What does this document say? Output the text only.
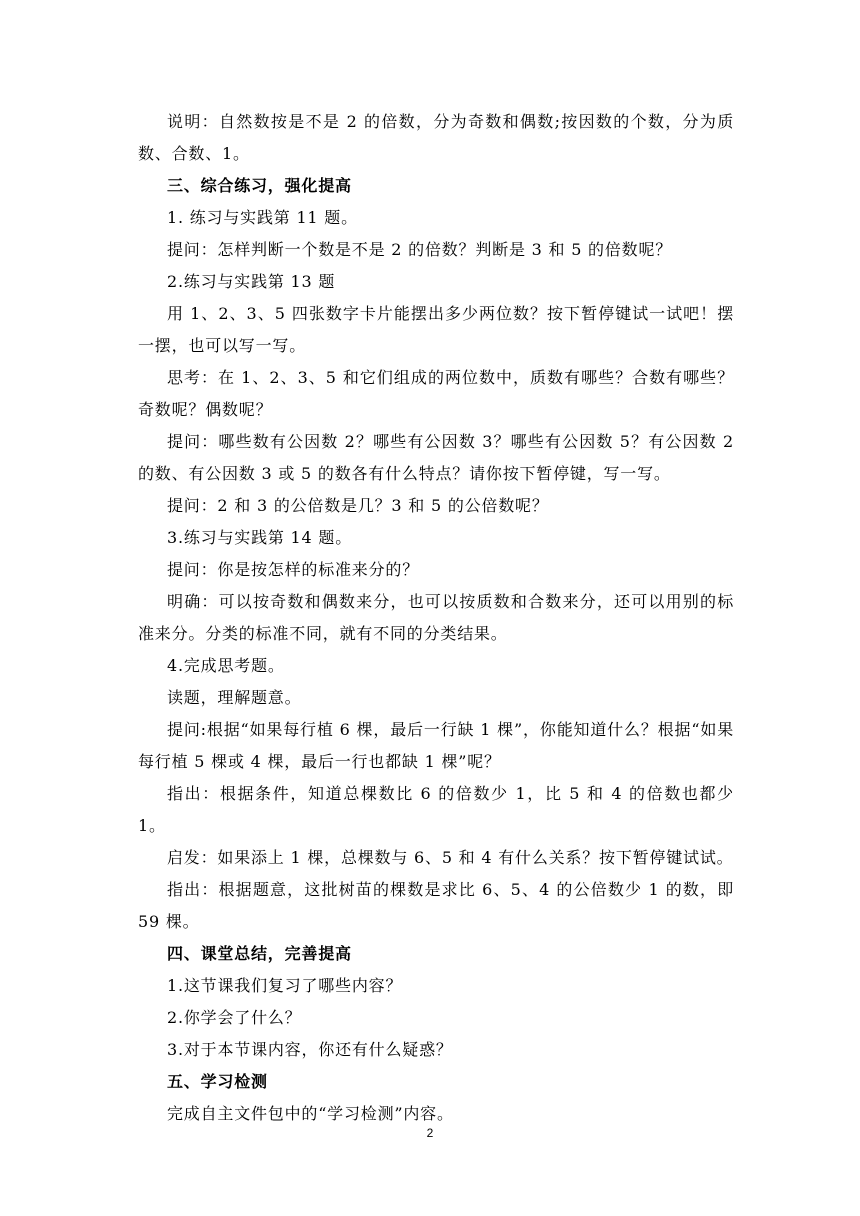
说明：自然数按是不是 2 的倍数，分为奇数和偶数;按因数的个数，分为质数、合数、1。

三、综合练习，强化提高

1. 练习与实践第 11 题。

提问：怎样判断一个数是不是 2 的倍数？判断是 3 和 5 的倍数呢？

2.练习与实践第 13 题

用 1、2、3、5 四张数字卡片能摆出多少两位数？按下暂停键试一试吧！摆一摆，也可以写一写。

思考：在 1、2、3、5 和它们组成的两位数中，质数有哪些？合数有哪些？奇数呢？偶数呢？

提问：哪些数有公因数 2？哪些有公因数 3？哪些有公因数 5？有公因数 2 的数、有公因数 3 或 5 的数各有什么特点？请你按下暂停键，写一写。

提问：2 和 3 的公倍数是几？3 和 5 的公倍数呢？

3.练习与实践第 14 题。

提问：你是按怎样的标准来分的？

明确：可以按奇数和偶数来分，也可以按质数和合数来分，还可以用别的标准来分。分类的标准不同，就有不同的分类结果。

4.完成思考题。

读题，理解题意。

提问:根据“如果每行植 6 棵，最后一行缺 1 棵”，你能知道什么？根据“如果每行植 5 棵或 4 棵，最后一行也都缺 1 棵”呢？

指出：根据条件，知道总棵数比 6 的倍数少 1，比 5 和 4 的倍数也都少 1。

启发：如果添上 1 棵，总棵数与 6、5 和 4 有什么关系？按下暂停键试试。

指出：根据题意，这批树苗的棵数是求比 6、5、4 的公倍数少 1 的数，即 59 棵。

四、课堂总结，完善提高

1.这节课我们复习了哪些内容？

2.你学会了什么？

3.对于本节课内容，你还有什么疑惑？

五、学习检测

完成自主文件包中的“学习检测”内容。

2
